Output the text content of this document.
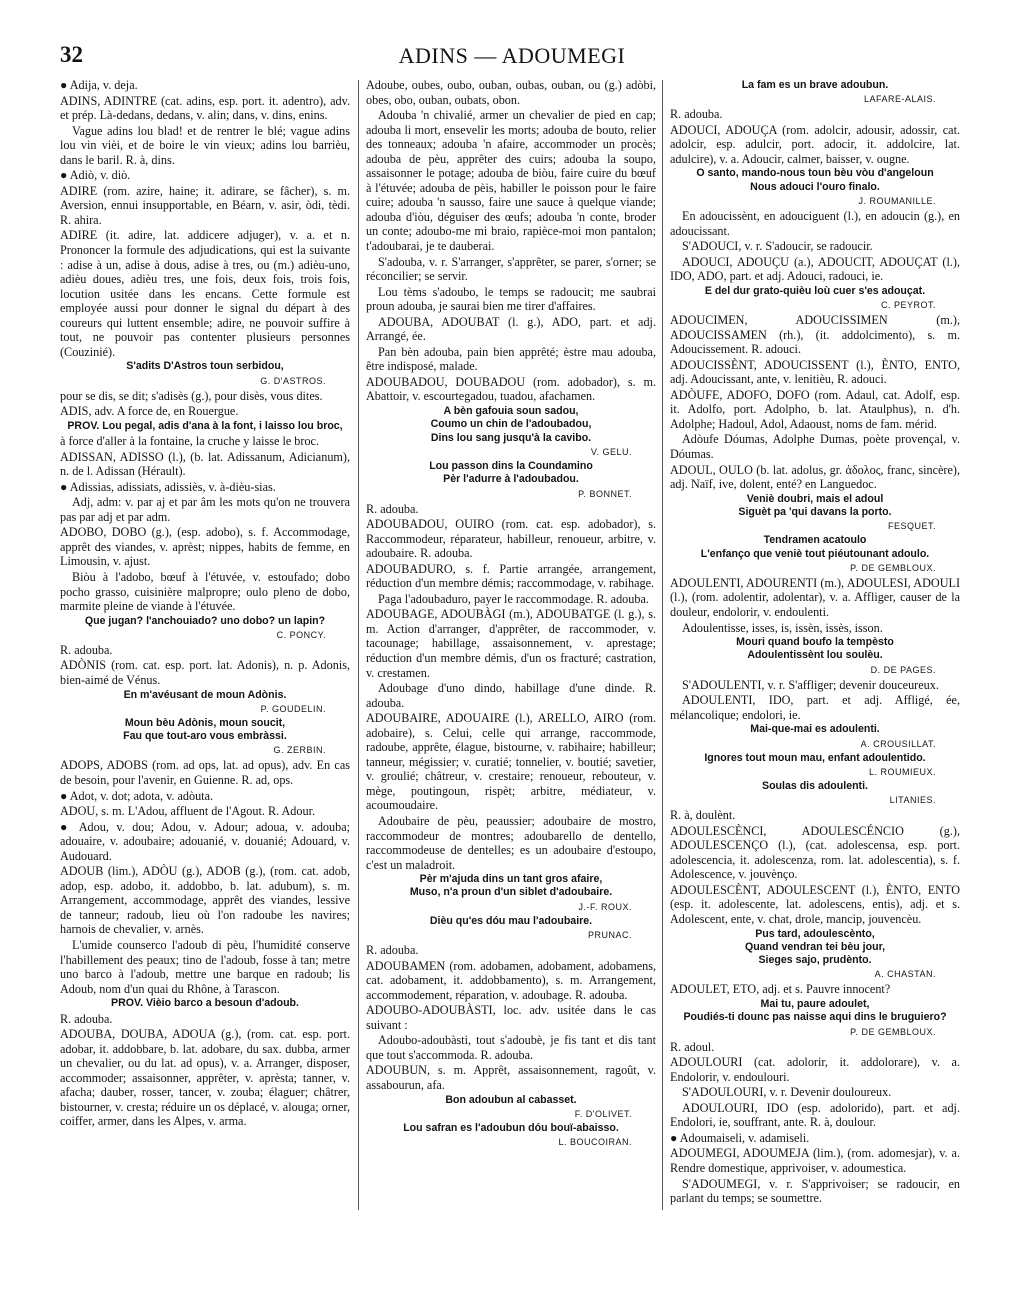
32	ADINS — ADOUMEGI
● Adija, v. deja.
ADINS, ADINTRE (cat. adins, esp. port. it. adentro), adv. et prép. Là-dedans, dedans, v. alin; dans, v. dins, enins.
Vague adins lou blad! et de rentrer le blé; vague adins lou vin vièi, et de boire le vin vieux; adins lou barrièu, dans le baril. R. à, dins.
● Adiò, v. diò.
ADIRE (rom. azire, haine; it. adirare, se fâcher), s. m. Aversion, ennui insupportable, en Béarn, v. asir, òdi, tèdi. R. ahira.
ADIRE (it. adire, lat. addicere adjuger), v. a. et n. Prononcer la formule des adjudications, qui est la suivante : adise à un, adise à dous, adise à tres, ou (m.) adièu-uno, adièu doues, adièu tres, une fois, deux fois, trois fois, locution usitée dans les encans. Cette formule est employée aussi pour donner le signal du départ à des coureurs qui luttent ensemble; adire, ne pouvoir suffire à tout, ne pouvoir pas contenter plusieurs personnes (Couzinié).
S'adits D'Astros toun serbidou,
G. D'ASTROS.
pour se dis, se dit; s'adisès (g.), pour disès, vous dites.
ADIS, adv. A force de, en Rouergue.
PROV. Lou pegal, adis d'ana à la font, i laisso lou broc,
à force d'aller à la fontaine, la cruche y laisse le broc.
ADISSAN, ADISSO (l.), (b. lat. Adissanum, Adicianum), n. de l. Adissan (Hérault).
● Adissias, adissiats, adissiès, v. à-dièu-sias.
Adj, adm: v. par aj et par âm les mots qu'on ne trouvera pas par adj et par adm.
ADOBO, DOBO (g.), (esp. adobo), s. f. Accommodage, apprêt des viandes, v. aprèst; nippes, habits de femme, en Limousin, v. ajust.
Biòu à l'adobo, bœuf à l'étuvée, v. estoufado; dobo pocho grasso, cuisinière malpropre; oulo pleno de dobo, marmite pleine de viande à l'étuvée.
Que jugan? l'anchouiado? uno dobo? un lapin?
C. PONCY.
R. adouba.
ADÒNIS (rom. cat. esp. port. lat. Adonis), n. p. Adonis, bien-aimé de Vénus.
En m'avéusant de moun Adònis.
P. GOUDELIN.
Moun bèu Adònis, moun soucit,
Fau que tout-aro vous embràssi.
G. ZERBIN.
ADOPS, ADOBS (rom. ad ops, lat. ad opus), adv. En cas de besoin, pour l'avenir, en Guienne. R. ad, ops.
● Adot, v. dot; adota, v. adòuta.
ADOU, s. m. L'Adou, affluent de l'Agout. R. Adour.
● Adou, v. dou; Adou, v. Adour; adoua, v. adouba; adouaire, v. adoubaire; adouanié, v. douanié; Adouard, v. Audouard.
ADOUB (lim.), ADÒU (g.), ADOB (g.), (rom. cat. adob, adop, esp. adobo, it. addobbo, b. lat. adubum), s. m. Arrangement, accommodage, apprêt des viandes, lessive de tanneur; radoub, lieu où l'on radoube les navires; harnois de chevalier, v. arnès.
L'umide counserco l'adoub di pèu, l'humidité conserve l'habillement des peaux; tino de l'adoub, fosse à tan; metre uno barco à l'adoub, mettre une barque en radoub; lis Adoub, nom d'un quai du Rhône, à Tarascon.
PROV. Vièio barco a besoun d'adoub.
R. adouba.
ADOUBA, DOUBA, ADOUA (g.), (rom. cat. esp. port. adobar, it. addobbare, b. lat. adobare, du sax. dubba, armer un chevalier, ou du lat. ad opus), v. a. Arranger, disposer, accommoder; assaisonner, apprêter, v. aprèsta; tanner, v. afacha; dauber, rosser, tancer, v. zouba; élaguer; châtrer, bistourner, v. cresta; réduire un os déplacé, v. alouga; orner, coiffer, armer, dans les Alpes, v. arma.
Adoube, oubes, oubo, ouban, oubas, ouban, ou (g.) adòbi, obes, obo, ouban, oubats, obon.
Adouba 'n chivalié, armer un chevalier de pied en cap; adouba li mort, ensevelir les morts; adouba de bouto, relier des tonneaux; adouba 'n afaire, accommoder un procès; adouba de pèu, apprêter des cuirs; adouba la soupo, assaisonner le potage; adouba de biòu, faire cuire du bœuf à l'étuvée; adouba de pèis, habiller le poisson pour le faire cuire; adouba 'n sausso, faire une sauce à quelque viande; adouba d'iòu, déguiser des œufs; adouba 'n conte, broder un conte; adoubo-me mi braio, rapièce-moi mon pantalon; t'adoubarai, je te dauberai.
S'adouba, v. r. S'arranger, s'apprêter, se parer, s'orner; se réconcilier; se servir.
Lou tèms s'adoubo, le temps se radoucit; me saubrai proun adouba, je saurai bien me tirer d'affaires.
ADOUBA, ADOUBAT (l. g.), ADO, part. et adj. Arrangé, ée.
Pan bèn adouba, pain bien apprêté; èstre mau adouba, être indisposé, malade.
ADOUBADOU, DOUBADOU (rom. adobador), s. m. Abattoir, v. escourtegadou, tuadou, afachamen.
A bèn gafouia soun sadou,
Coumo un chin de l'adoubadou,
Dins lou sang jusqu'à la cavibo.
V. GELU.
Lou passon dins la Coundamino
Pèr l'adurre à l'adoubadou.
P. BONNET.
R. adouba.
ADOUBADOU, OUIRO (rom. cat. esp. adobador), s. Raccommodeur, réparateur, habilleur, renoueur, arbitre, v. adoubaire. R. adouba.
ADOUBADURO, s. f. Partie arrangée, arrangement, réduction d'un membre démis; raccommodage, v. rabihage.
Paga l'adoubaduro, payer le raccommodage. R. adouba.
ADOUBAGE, ADOUBÀGI (m.), ADOUBATGE (l. g.), s. m. Action d'arranger, d'apprêter, de raccommoder, v. tacounage; habillage, assaisonnement, v. aprestage; réduction d'un membre démis, d'un os fracturé; castration, v. crestamen.
Adoubage d'uno dindo, habillage d'une dinde. R. adouba.
ADOUBAIRE, ADOUAIRE (l.), ARELLO, AIRO (rom. adobaire), s. Celui, celle qui arrange, raccommode, radoube, apprête, élague, bistourne, v. rabihaire; habilleur; tanneur, mégissier; v. curatié; tonnelier, v. boutié; savetier, v. groulié; châtreur, v. crestaire; renoueur, rebouteur, v. mège, poutingoun, rispèt; arbitre, médiateur, v. acoumoudaire.
Adoubaire de pèu, peaussier; adoubaire de mostro, raccommodeur de montres; adoubarello de dentello, raccommodeuse de dentelles; es un adoubaire d'estoupo, c'est un maladroit.
Pèr m'ajuda dins un tant gros afaire,
Muso, n'a proun d'un siblet d'adoubaire.
J.-F. ROUX.
Dièu qu'es dóu mau l'adoubaire.
PRUNAC.
R. adouba.
ADOUBAMEN (rom. adobamen, adobament, adobamens, cat. adobament, it. addobbamento), s. m. Arrangement, accommodement, réparation, v. adoubage. R. adouba.
ADOUBO-ADOUBÀSTI, loc. adv. usitée dans le cas suivant :
Adoubo-adoubàsti, tout s'adoubè, je fis tant et dis tant que tout s'accommoda. R. adouba.
ADOUBUN, s. m. Apprêt, assaisonnement, ragoût, v. assabourun, afa.
Bon adoubun al cabasset.
F. D'OLIVET.
Lou safran es l'adoubun dóu bouï-abaisso.
L. BOUCOIRAN.
La fam es un brave adoubun.
LAFARE-ALAIS.
R. adouba.
ADOUCI, ADOUÇA (rom. adolcir, adousir, adossir, cat. adolcir, esp. adulcir, port. adocir, it. addolcire, lat. adulcire), v. a. Adoucir, calmer, baisser, v. ougne.
O santo, mando-nous toun bèu vòu d'angeloun
Nous adouci l'ouro finalo.
J. ROUMANILLE.
En adoucissènt, en adouciguent (l.), en adoucin (g.), en adoucissant.
S'ADOUCI, v. r. S'adoucir, se radoucir.
ADOUCI, ADOUÇU (a.), ADOUCIT, ADOUÇAT (l.), IDO, ADO, part. et adj. Adouci, radouci, ie.
E del dur grato-quièu loù cuer s'es adouçat.
C. PEYROT.
ADOUCIMEN, ADOUCISSIMEN (m.), ADOUCISSAMEN (rh.), (it. addolcimento), s. m. Adoucissement. R. adouci.
ADOUCISSÈNT, ADOUCISSENT (l.), ÈNTO, ENTO, adj. Adoucissant, ante, v. lenitièu, R. adouci.
ADÒUFE, ADOFO, DOFO (rom. Adaul, cat. Adolf, esp. it. Adolfo, port. Adolpho, b. lat. Ataulphus), n. d'h. Adolphe; Hadoul, Adol, Adaoust, noms de fam. mérid.
Adòufe Dóumas, Adolphe Dumas, poète provençal, v. Dóumas.
ADOUL, OULO (b. lat. adolus, gr. ἀδολος, franc, sincère), adj. Naïf, ive, dolent, enté? en Languedoc.
Veniè doubri, mais el adoul
Siguèt pa 'qui davans la porto.
FESQUET.
Tendramen acatoulo
L'enfanço que veniè tout piéutounant adoulo.
P. DE GEMBLOUX.
ADOULENTI, ADOURENTI (m.), ADOULESI, ADOULI (l.), (rom. adolentir, adolentar), v. a. Affliger, causer de la douleur, endolorir, v. endoulenti.
Adoulentisse, isses, is, issèn, issès, isson.
Mouri quand boufo la tempèsto
Adoulentissènt lou soulèu.
D. DE PAGES.
S'ADOULENTI, v. r. S'affliger; devenir douceureux.
ADOULENTI, IDO, part. et adj. Affligé, ée, mélancolique; endolori, ie.
Mai-que-mai es adoulenti.
A. CROUSILLAT.
Ignores tout moun mau, enfant adoulentido.
L. ROUMIEUX.
Soulas dis adoulenti.
LITANIES.
R. à, doulènt.
ADOULESCÈNCI, ADOULESCÉNCIO (g.), ADOULESCENÇO (l.), (cat. adolescensa, esp. port. adolescencia, it. adolescenza, rom. lat. adolescentia), s. f. Adolescence, v. jouvènço.
ADOULESCÈNT, ADOULESCENT (l.), ÈNTO, ENTO (esp. it. adolescente, lat. adolescens, entis), adj. et s. Adolescent, ente, v. chat, drole, mancip, jouvencèu.
Pus tard, adoulescènto,
Quand vendran tei bèu jour,
Sieges sajo, prudènto.
A. CHASTAN.
ADOULET, ETO, adj. et s. Pauvre innocent?
Mai tu, paure adoulet,
Poudiés-ti dounc pas naisse aqui dins le bruguiero?
P. DE GEMBLOUX.
R. adoul.
ADOULOURI (cat. adolorir, it. addolorare), v. a. Endolorir, v. endoulouri.
S'ADOULOURI, v. r. Devenir douloureux.
ADOULOURI, IDO (esp. adolorido), part. et adj. Endolori, ie, souffrant, ante. R. à, doulour.
● Adoumaiseli, v. adamiseli.
ADOUMEGI, ADOUMEJA (lim.), (rom. adomesjar), v. a. Rendre domestique, apprivoiser, v. adoumestica.
S'ADOUMEGI, v. r. S'apprivoiser; se radoucir, en parlant du temps; se soumettre.
